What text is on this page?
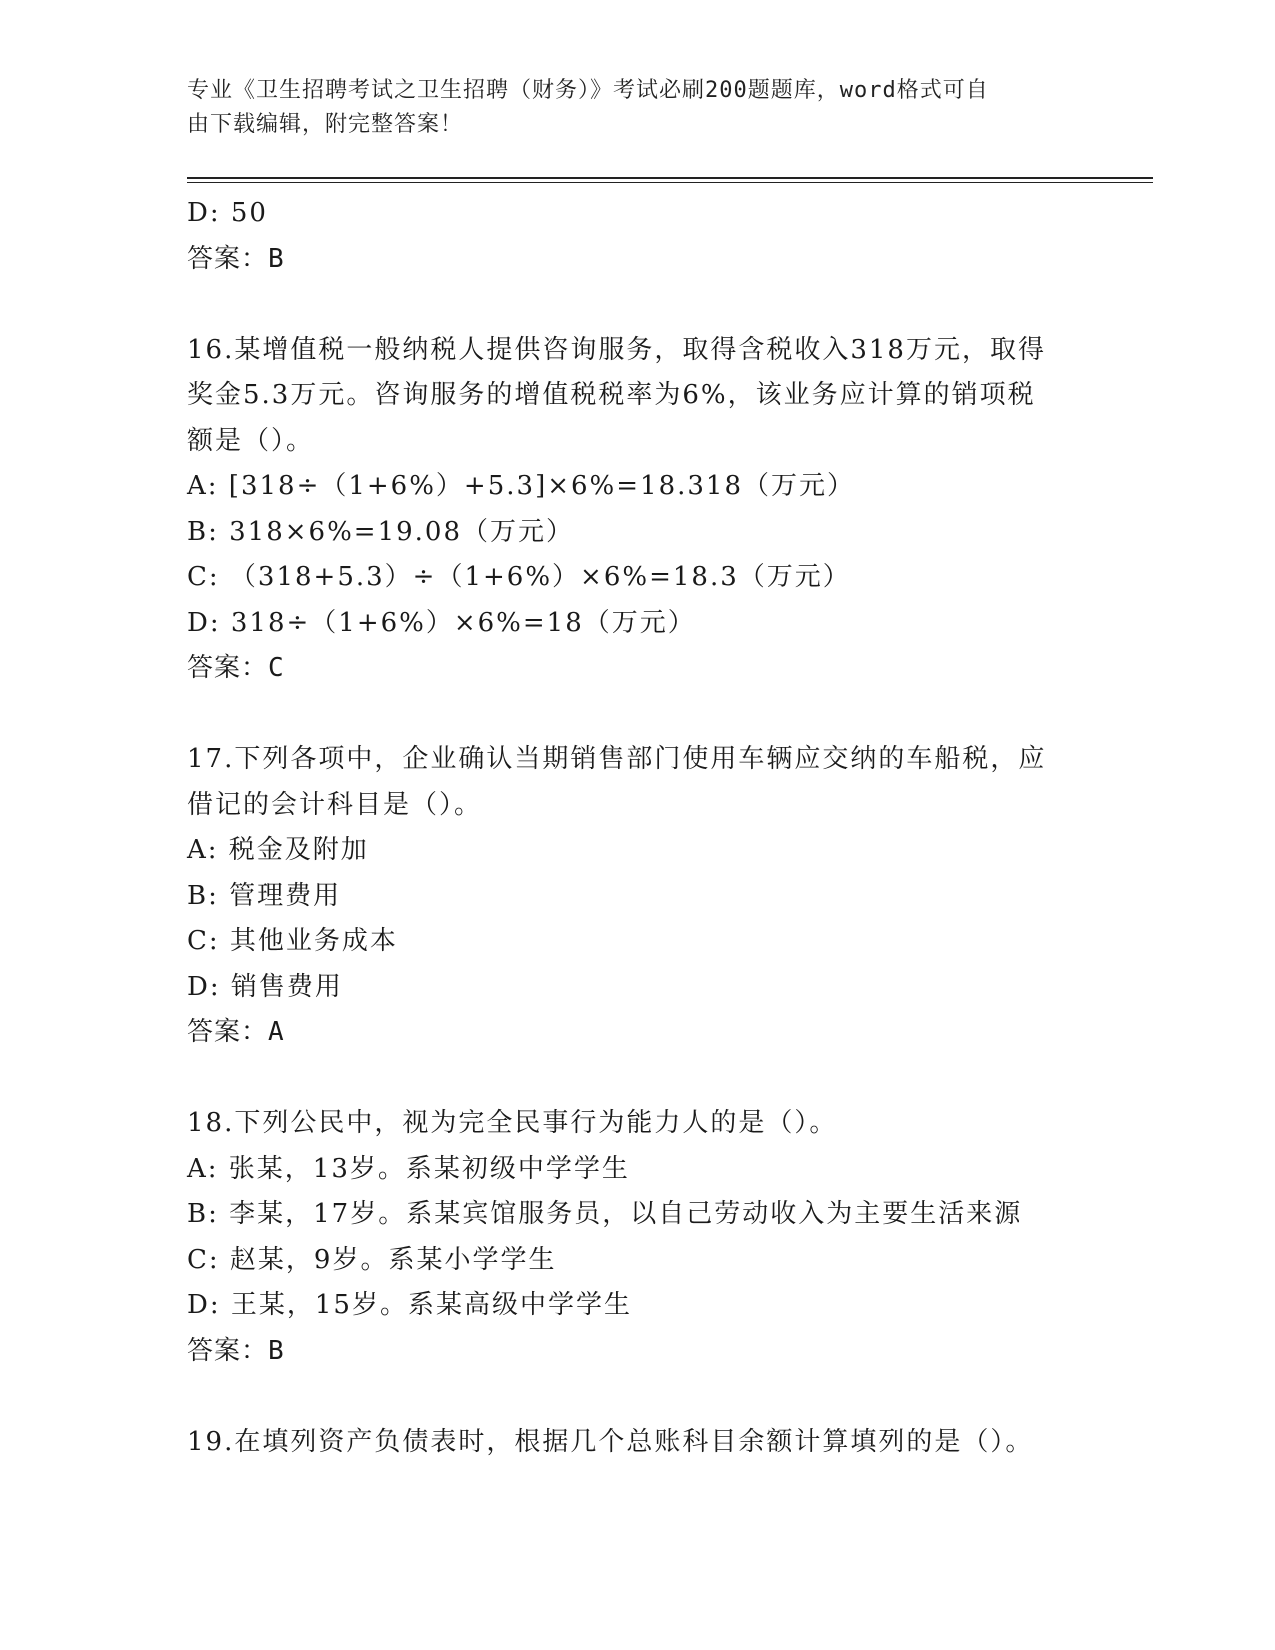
专业《卫生招聘考试之卫生招聘（财务）》考试必刷200题题库，word格式可自
由下载编辑，附完整答案！
D: 50
答案：B
16.某增值税一般纳税人提供咨询服务，取得含税收入318万元，取得
奖金5.3万元。咨询服务的增值税税率为6%，该业务应计算的销项税
额是（）。
A: [318÷（1+6%）+5.3]×6%=18.318（万元）
B: 318×6%=19.08（万元）
C: （318+5.3）÷（1+6%）×6%=18.3（万元）
D: 318÷（1+6%）×6%=18（万元）
答案：C
17.下列各项中，企业确认当期销售部门使用车辆应交纳的车船税，应
借记的会计科目是（）。
A: 税金及附加
B: 管理费用
C: 其他业务成本
D: 销售费用
答案：A
18.下列公民中，视为完全民事行为能力人的是（）。
A: 张某，13岁。系某初级中学学生
B: 李某，17岁。系某宾馆服务员，以自己劳动收入为主要生活来源
C: 赵某，9岁。系某小学学生
D: 王某，15岁。系某高级中学学生
答案：B
19.在填列资产负债表时，根据几个总账科目余额计算填列的是（）。
